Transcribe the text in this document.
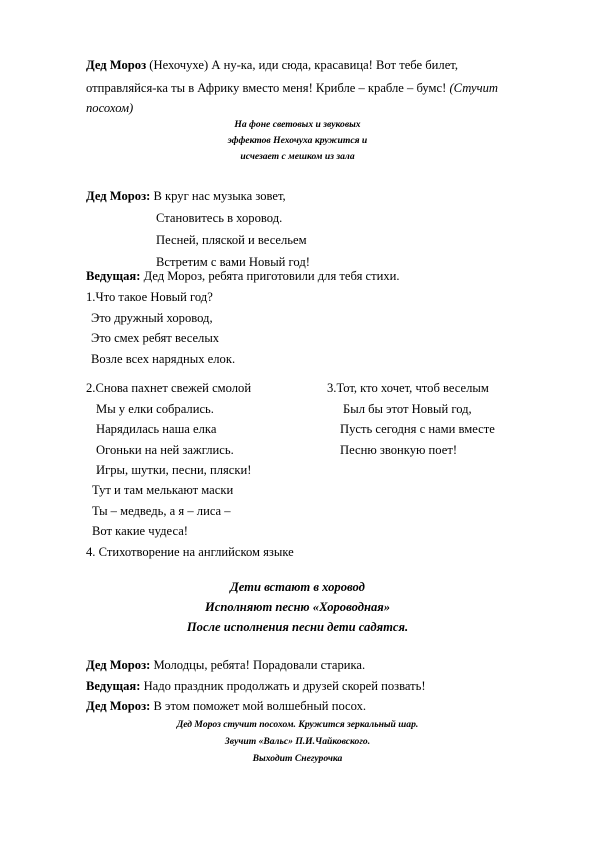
Дед Мороз (Нехочухе) А ну-ка, иди сюда, красавица! Вот тебе билет,
отправляйся-ка ты в Африку вместо меня! Крибле – крабле – бумс! (Стучит
посохом)
На фоне световых и звуковых
эффектов Нехочуха кружится и
исчезает с мешком из зала
Дед Мороз: В круг нас музыка зовет,
Становитесь в хоровод.
Песней, пляской и весельем
Встретим с вами Новый год!
Ведущая: Дед Мороз, ребята приготовили для тебя стихи.
1.Что такое Новый год?
Это дружный хоровод,
Это смех ребят веселых
Возле всех нарядных елок.
2.Снова пахнет свежей смолой
Мы у елки собрались.
Нарядилась наша елка
Огоньки на ней зажглись.
Игры, шутки, песни, пляски!
Тут и там мелькают маски
Ты – медведь, а я – лиса –
Вот какие чудеса!
3.Тот, кто хочет, чтоб веселым
Был бы этот Новый год,
Пусть сегодня с нами вместе
Песню звонкую поет!
4. Стихотворение на английском языке
Дети встают в хоровод
Исполняют песню «Хороводная»
После исполнения песни дети садятся.
Дед Мороз: Молодцы, ребята! Порадовали старика.
Ведущая: Надо праздник продолжать и друзей скорей позвать!
Дед Мороз: В этом поможет мой волшебный посох.
Дед Мороз стучит посохом. Кружится зеркальный шар.
Звучит «Вальс» П.И.Чайковского.
Выходит Снегурочка
